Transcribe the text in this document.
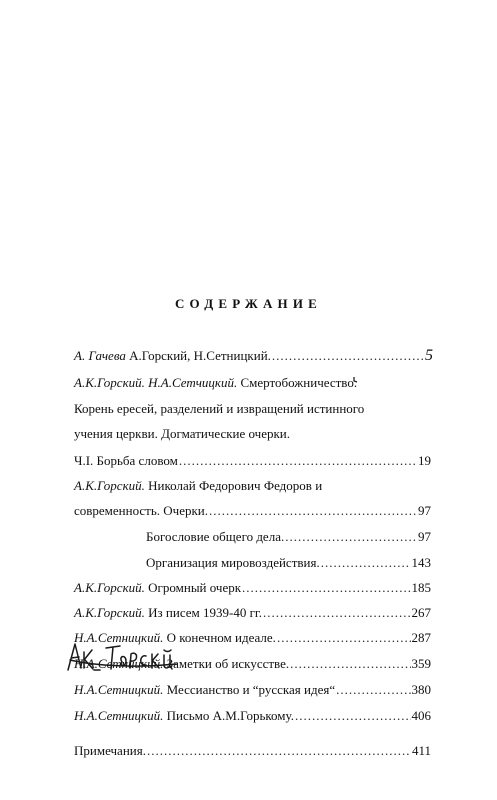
СОДЕРЖАНИЕ
А. Гачева А.Горский, Н.Сетницкий. .....	5
А.К.Горский. Н.А.Сетчицкий. Смертобожничество.
Корень ересей, разделений и извращений истинного
учения церкви. Догматические очерки.
Ч.I. Борьба словом .....	19
А.К.Горский. Николай Федорович Федоров и
современность. Очерки. .....	97
Богословие общего дела. .....	97
Организация мировоздействия. .....	143
А.К.Горский. Огромный очерк .....	185
А.К.Горский. Из писем 1939-40 гг. .....	267
Н.А.Сетницкий. О конечном идеале. .....	287
Н.А.Сетницкий. Заметки об искусстве. .....	359
Н.А.Сетницкий. Мессианство и “русская идея“ .....	380
Н.А.Сетницкий. Письмо А.М.Горькому. .....	406
Примечания. .....	411
